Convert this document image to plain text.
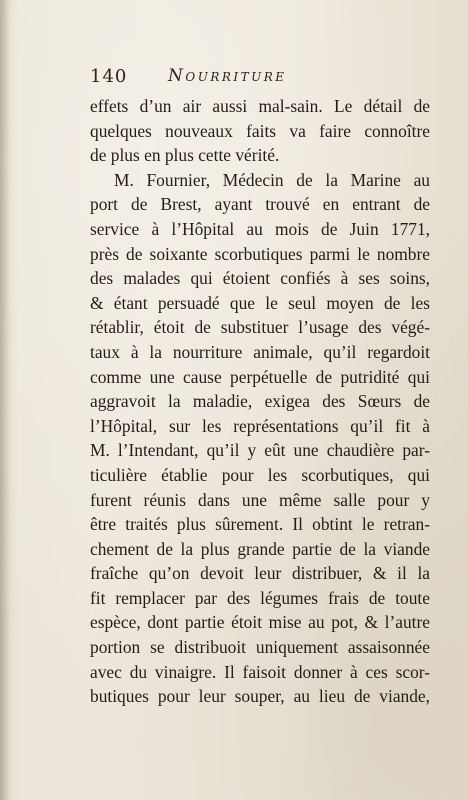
140 Nourriture
effets d’un air aussi mal-sain. Le détail de
quelques nouveaux faits va faire connoître
de plus en plus cette vérité.
M. Fournier, Médecin de la Marine au
port de Brest, ayant trouvé en entrant de
service à l’Hôpital au mois de Juin 1771,
près de soixante scorbutiques parmi le nombre
des malades qui étoient confiés à ses soins,
& étant persuadé que le seul moyen de les
rétablir, étoit de substituer l’usage des végé-
taux à la nourriture animale, qu’il regardoit
comme une cause perpétuelle de putridité qui
aggravoit la maladie, exigea des Sœurs de
l’Hôpital, sur les représentations qu’il fit à
M. l’Intendant, qu’il y eût une chaudière par-
ticulière établie pour les scorbutiques, qui
furent réunis dans une même salle pour y
être traités plus sûrement. Il obtint le retran-
chement de la plus grande partie de la viande
fraîche qu’on devoit leur distribuer, & il la
fit remplacer par des légumes frais de toute
espèce, dont partie étoit mise au pot, & l’autre
portion se distribuoit uniquement assaisonnée
avec du vinaigre. Il faisoit donner à ces scor-
butiques pour leur souper, au lieu de viande,
